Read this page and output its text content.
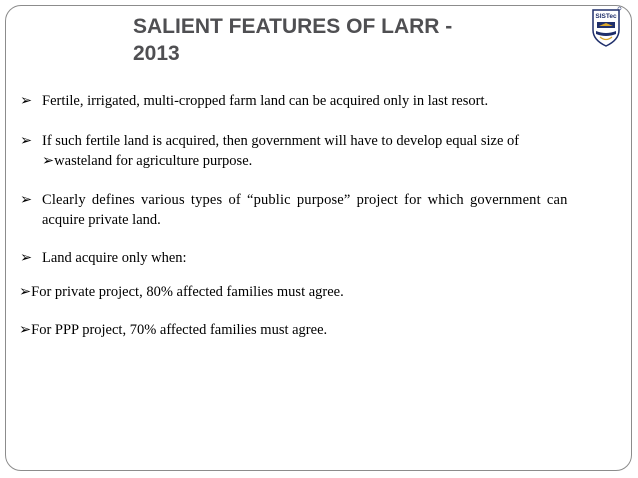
SALIENT FEATURES OF LARR -
2013
SISTec

➢ Fertile, irrigated, multi-cropped farm land can be acquired only in last resort.

➢ If such fertile land is acquired, then government will have to develop equal size of

➢wasteland for agriculture purpose.

➢ Clearly defines various types of “public purpose” project for which government can

acquire private land.

➢ Land acquire only when:

➢For private project, 80% affected families must agree.

➢For PPP project, 70% affected families must agree.
